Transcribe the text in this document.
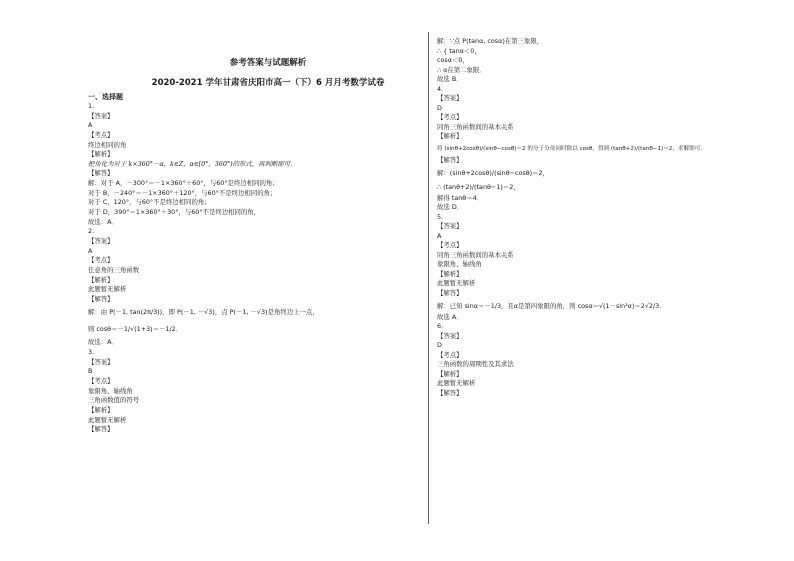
参考答案与试题解析
2020-2021 学年甘肃省庆阳市高一（下）6 月月考数学试卷
一、选择题
1.
【答案】
A
【考点】
终边相同的角
【解析】
把角化为对于 k×360°－α，k∈Z，α∈[0°，360°)的形式，再判断即可．
【解答】
解：对于 A，－300°＝－1×360°＋60°，与60°是终边相同的角；
对于 B，－240°＝－1×360°＋120°，与60°不是终边相同的角；
对于 C，120°，与60°不是终边相同的角；
对于 D，390°＝1×360°＋30°，与60°不是终边相同的角，
故选：A．
2.
【答案】
A
【考点】
任意角的三角函数
【解析】
此题暂无解析
【解答】
解：由 P(－1, tan(2π/3))，即 P(－1, －√3)，点 P(－1, －√3)是角终边上一点，
则 cosθ＝－1/√(1+3)＝－1/2．
故选：A．
3.
【答案】
B
【考点】
象限角、轴线角
三角函数值的符号
【解析】
此题暂无解析
【解答】
解：∵点 P(tanα, cosα)在第三象限，
∴ { tanα＜0，
cosα＜0，
∴ α在第二象限．
故选 B．
4.
【答案】
D
【考点】
同角三角函数间的基本关系
【解析】
将 (sinθ+2cosθ)/(sinθ−cosθ)＝2 的分子分母同时除以 cosθ，得到 (tanθ+2)/(tanθ−1)＝2，求解即可．
【解答】
解：(sinθ+2cosθ)/(sinθ−cosθ)＝2，
∴ (tanθ+2)/(tanθ−1)＝2，
解得 tanθ＝4．
故选 D．
5.
【答案】
A
【考点】
同角三角函数间的基本关系
象限角、轴线角
【解析】
此题暂无解析
【解答】
解：已知 sinα＝－1/3，且α是第四象限的角，则 cosα＝√(1－sin²α)＝2√2/3．
故选 A．
6.
【答案】
D
【考点】
三角函数的周期性及其求法
【解析】
此题暂无解析
【解答】
